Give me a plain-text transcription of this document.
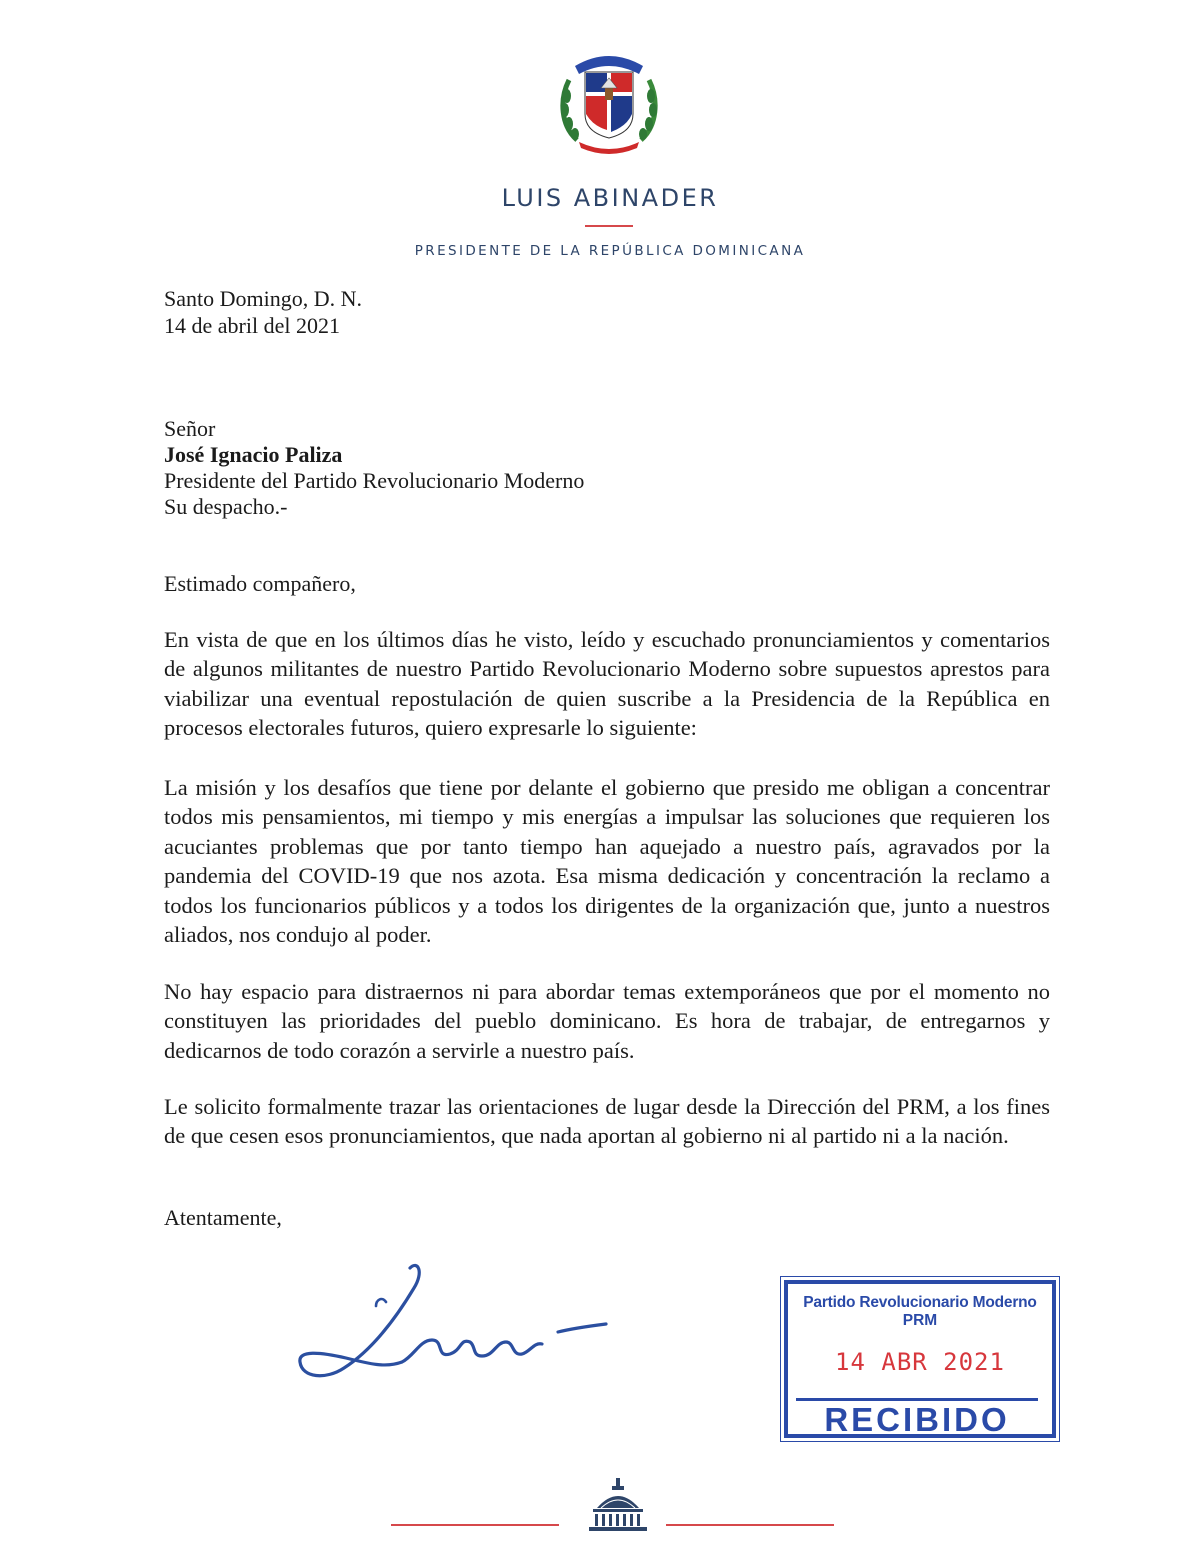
LUIS ABINADER
PRESIDENTE DE LA REPÚBLICA DOMINICANA
Santo Domingo, D. N.
14 de abril del 2021
Señor
José Ignacio Paliza
Presidente del Partido Revolucionario Moderno
Su despacho.-
Estimado compañero,

En vista de que en los últimos días he visto, leído y escuchado pronunciamientos y comentarios de algunos militantes de nuestro Partido Revolucionario Moderno sobre supuestos aprestos para viabilizar una eventual repostulación de quien suscribe a la Presidencia de la República en procesos electorales futuros, quiero expresarle lo siguiente:

La misión y los desafíos que tiene por delante el gobierno que presido me obligan a concentrar todos mis pensamientos, mi tiempo y mis energías a impulsar las soluciones que requieren los acuciantes problemas que por tanto tiempo han aquejado a nuestro país, agravados por la pandemia del COVID-19 que nos azota. Esa misma dedicación y concentración la reclamo a todos los funcionarios públicos y a todos los dirigentes de la organización que, junto a nuestros aliados, nos condujo al poder.

No hay espacio para distraernos ni para abordar temas extemporáneos que por el momento no constituyen las prioridades del pueblo dominicano. Es hora de trabajar, de entregarnos y dedicarnos de todo corazón a servirle a nuestro país.

Le solicito formalmente trazar las orientaciones de lugar desde la Dirección del PRM, a los fines de que cesen esos pronunciamientos, que nada aportan al gobierno ni al partido ni a la nación.

Atentamente,
Partido Revolucionario Moderno
PRM
14 ABR 2021
RECIBIDO
